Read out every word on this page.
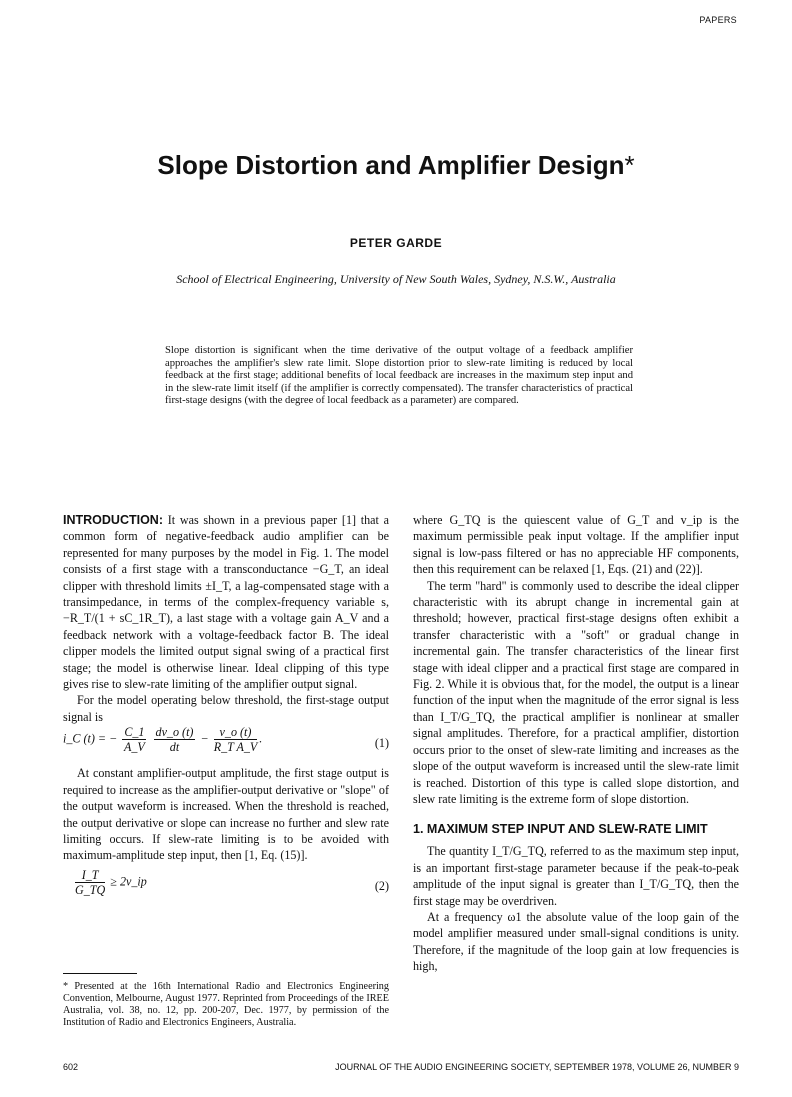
PAPERS
Slope Distortion and Amplifier Design*
PETER GARDE
School of Electrical Engineering, University of New South Wales, Sydney, N.S.W., Australia
Slope distortion is significant when the time derivative of the output voltage of a feedback amplifier approaches the amplifier's slew rate limit. Slope distortion prior to slew-rate limiting is reduced by local feedback at the first stage; additional benefits of local feedback are increases in the maximum step input and in the slew-rate limit itself (if the amplifier is correctly compensated). The transfer characteristics of practical first-stage designs (with the degree of local feedback as a parameter) are compared.

INTRODUCTION: It was shown in a previous paper [1] that a common form of negative-feedback audio amplifier can be represented for many purposes by the model in Fig. 1. The model consists of a first stage with a transconductance −G_T, an ideal clipper with threshold limits ±I_T, a lag-compensated stage with a transimpedance, in terms of the complex-frequency variable s, −R_T/(1 + sC_1R_T), a last stage with a voltage gain A_V and a feedback network with a voltage-feedback factor B. The ideal clipper models the limited output signal swing of a practical first stage; the model is otherwise linear. Ideal clipping of this type gives rise to slew-rate limiting of the amplifier output signal.

For the model operating below threshold, the first-stage output signal is

i_C (t) = − $\frac{C\_1}{A\_V}$
$\frac{dv\_o (t)}{dt} - \frac{v\_o (t)}{\text{R\_T A\_V}}$ .	(1)

At constant amplifier-output amplitude, the first stage output is required to increase as the amplifier-output derivative or "slope" of the output waveform is increased. When the threshold is reached, the output derivative or slope can increase no further and slew rate limiting occurs. If slew-rate limiting is to be avoided with maximum-amplitude step input, then [1, Eq. (15)].

$\frac{I\_T}{G\_TQ}$ ≥ 2v_ip	(2)

where G_TQ is the quiescent value of G_T and v_ip is the maximum permissible peak input voltage. If the amplifier input signal is low-pass filtered or has no appreciable HF components, then this requirement can be relaxed [1, Eqs. (21) and (22)].

The term "hard" is commonly used to describe the ideal clipper characteristic with its abrupt change in incremental gain at threshold; however, practical first-stage designs often exhibit a transfer characteristic with a "soft" or gradual change in incremental gain. The transfer characteristics of the linear first stage with ideal clipper and a practical first stage are compared in Fig. 2. While it is obvious that, for the model, the output is a linear function of the input when the magnitude of the error signal is less than I_T/G_TQ, the practical amplifier is nonlinear at smaller signal amplitudes. Therefore, for a practical amplifier, distortion occurs prior to the onset of slew-rate limiting and increases as the slope of the output waveform is increased until the slew-rate limit is reached. Distortion of this type is called slope distortion, and slew rate limiting is the extreme form of slope distortion.

1. MAXIMUM STEP INPUT AND SLEW-RATE LIMIT

The quantity I_T/G_TQ, referred to as the maximum step input, is an important first-stage parameter because if the peak-to-peak amplitude of the input signal is greater than I_T/G_TQ, then the first stage may be overdriven.

At a frequency ω1 the absolute value of the loop gain of the model amplifier measured under small-signal conditions is unity. Therefore, if the magnitude of the loop gain at low frequencies is high,

* Presented at the 16th International Radio and Electronics Engineering Convention, Melbourne, August 1977. Reprinted from Proceedings of the IREE Australia, vol. 38, no. 12, pp. 200-207, Dec. 1977, by permission of the Institution of Radio and Electronics Engineers, Australia.
602	JOURNAL OF THE AUDIO ENGINEERING SOCIETY, SEPTEMBER 1978, VOLUME 26, NUMBER 9
